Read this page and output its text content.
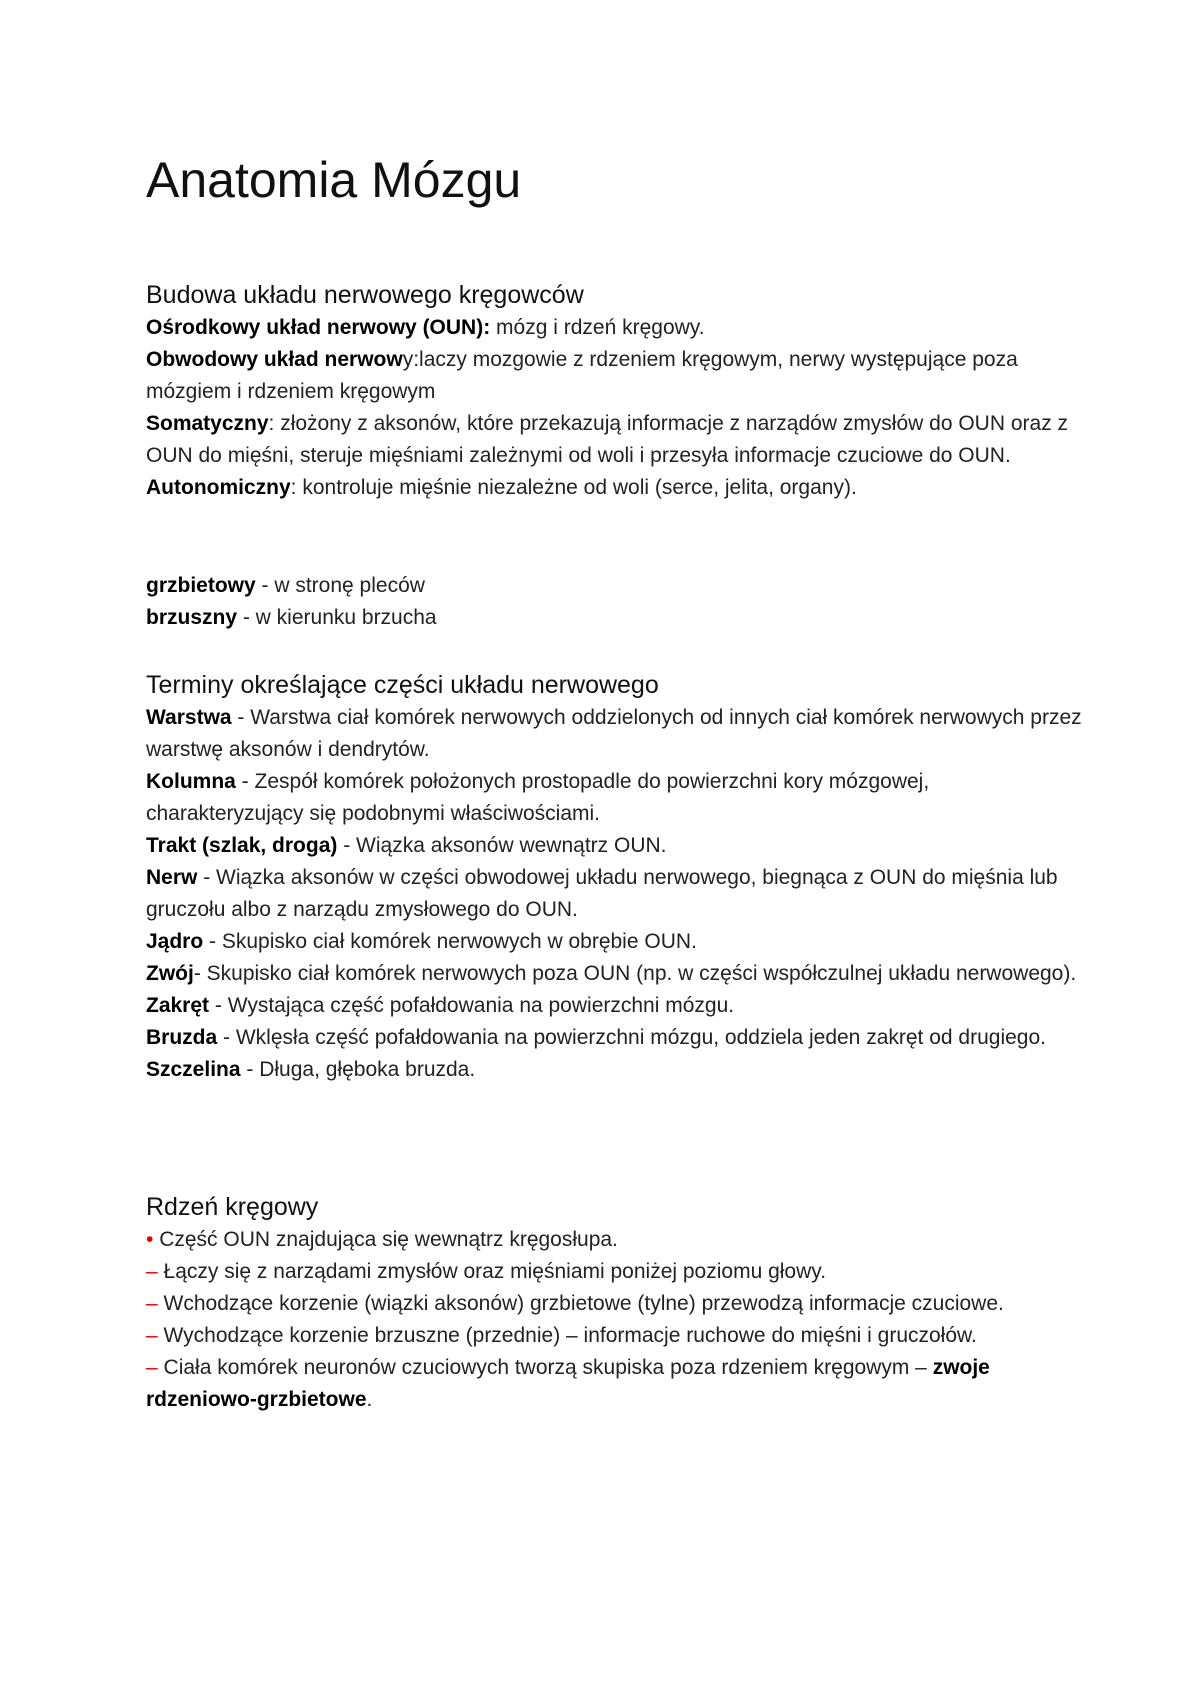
Anatomia Mózgu
Budowa układu nerwowego kręgowców

Ośrodkowy układ nerwowy (OUN): mózg i rdzeń kręgowy.

Obwodowy układ nerwowy:laczy mozgowie z rdzeniem kręgowym, nerwy występujące poza mózgiem i rdzeniem kręgowym

Somatyczny: złożony z aksonów, które przekazują informacje z narządów zmysłów do OUN oraz z OUN do mięśni, steruje mięśniami zależnymi od woli i przesyła informacje czuciowe do OUN.

Autonomiczny: kontroluje mięśnie niezależne od woli (serce, jelita, organy).

grzbietowy - w stronę pleców

brzuszny - w kierunku brzucha

Terminy określające części układu nerwowego

Warstwa - Warstwa ciał komórek nerwowych oddzielonych od innych ciał komórek nerwowych przez warstwę aksonów i dendrytów.

Kolumna - Zespół komórek położonych prostopadle do powierzchni kory mózgowej, charakteryzujący się podobnymi właściwościami.

Trakt (szlak, droga) - Wiązka aksonów wewnątrz OUN.

Nerw - Wiązka aksonów w części obwodowej układu nerwowego, biegnąca z OUN do mięśnia lub gruczołu albo z narządu zmysłowego do OUN.

Jądro - Skupisko ciał komórek nerwowych w obrębie OUN.

Zwój- Skupisko ciał komórek nerwowych poza OUN (np. w części współczulnej układu nerwowego).

Zakręt - Wystająca część pofałdowania na powierzchni mózgu.

Bruzda - Wklęsła część pofałdowania na powierzchni mózgu, oddziela jeden zakręt od drugiego.

Szczelina - Długa, głęboka bruzda.

Rdzeń kręgowy

• Część OUN znajdująca się wewnątrz kręgosłupa.

– Łączy się z narządami zmysłów oraz mięśniami poniżej poziomu głowy.

– Wchodzące korzenie (wiązki aksonów) grzbietowe (tylne) przewodzą informacje czuciowe.

– Wychodzące korzenie brzuszne (przednie) – informacje ruchowe do mięśni i gruczołów.

– Ciała komórek neuronów czuciowych tworzą skupiska poza rdzeniem kręgowym – zwoje rdzeniowo-grzbietowe.
